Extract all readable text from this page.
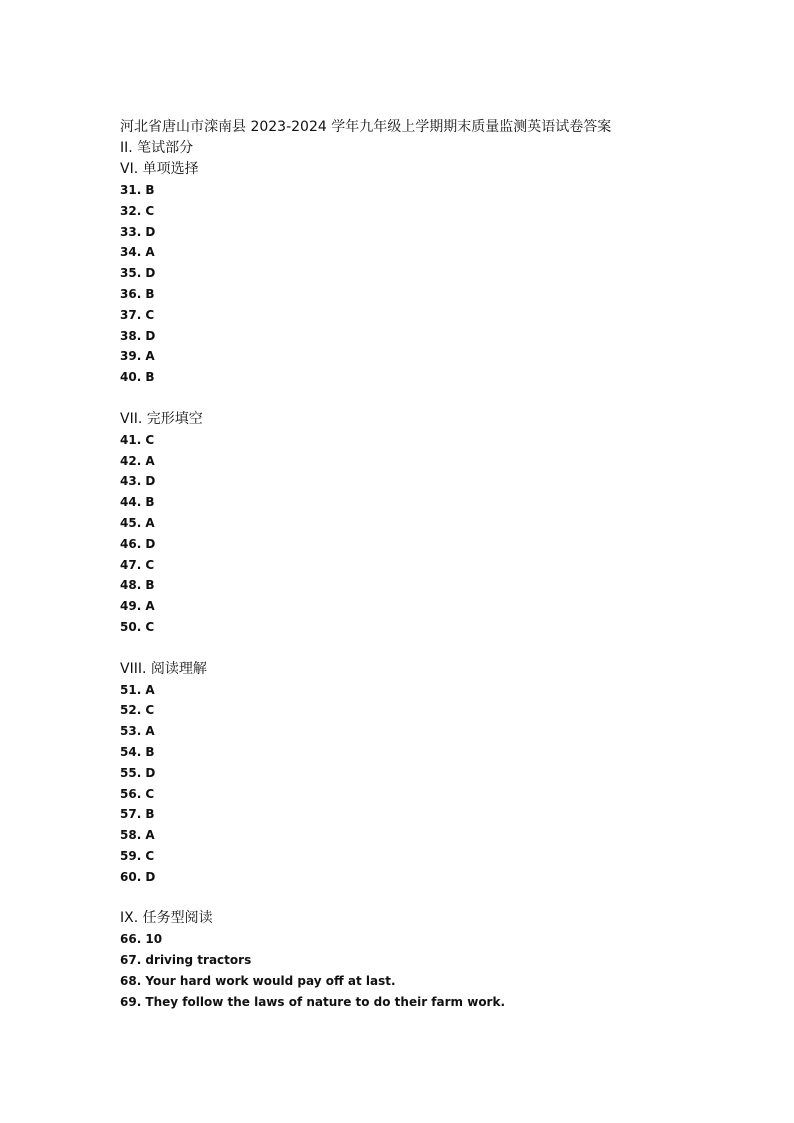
河北省唐山市滦南县 2023-2024 学年九年级上学期期末质量监测英语试卷答案
II. 笔试部分
VI. 单项选择
31. B
32. C
33. D
34. A
35. D
36. B
37. C
38. D
39. A
40. B
VII. 完形填空
41. C
42. A
43. D
44. B
45. A
46. D
47. C
48. B
49. A
50. C
VIII. 阅读理解
51. A
52. C
53. A
54. B
55. D
56. C
57. B
58. A
59. C
60. D
IX. 任务型阅读
66. 10
67. driving tractors
68. Your hard work would pay off at last.
69. They follow the laws of nature to do their farm work.
